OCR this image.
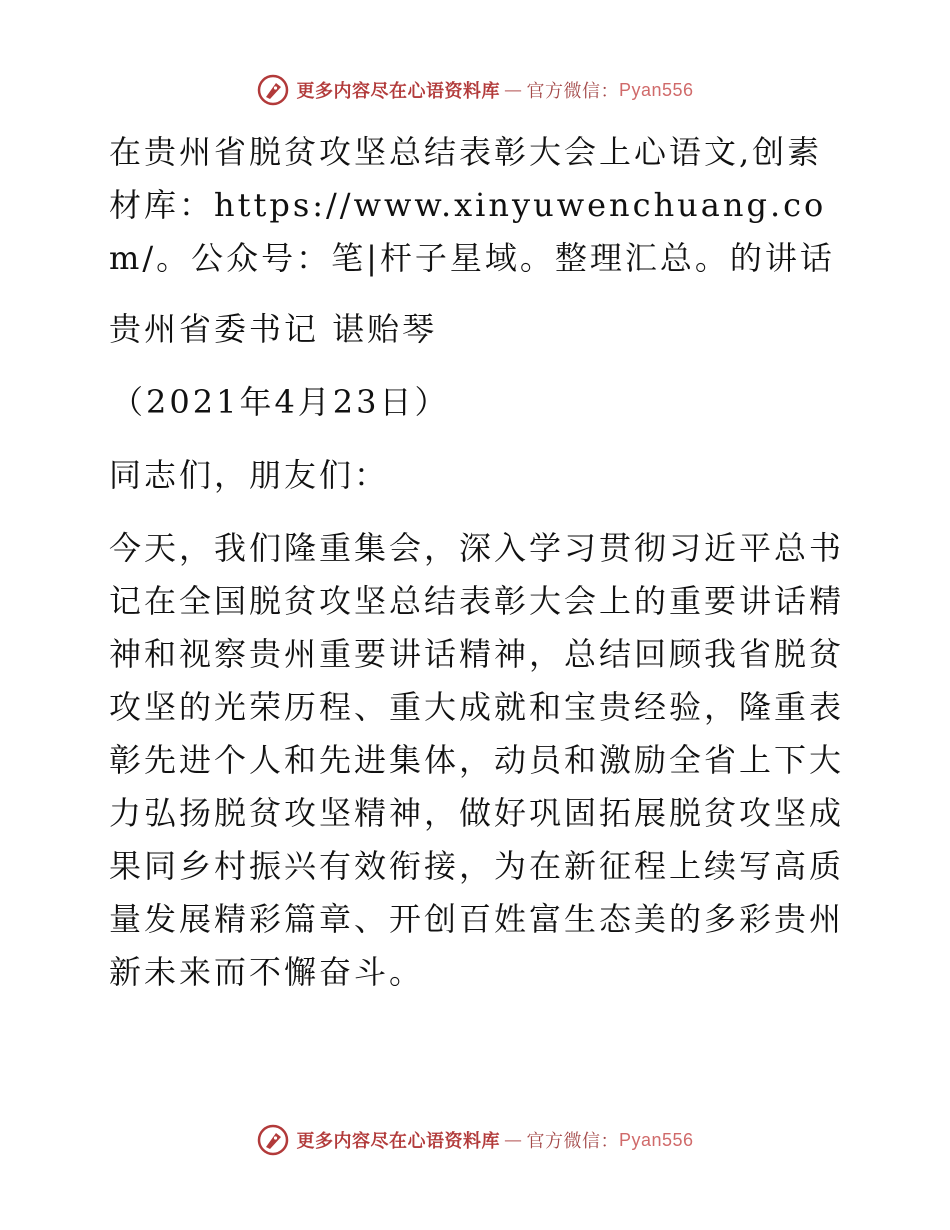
更多内容尽在心语资料库 — 官方微信： Pyan556

在贵州省脱贫攻坚总结表彰大会上心语文,创素材库：https://www.xinyuwenchuang.com/。公众号：笔|杆子星域。整理汇总。的讲话

贵州省委书记 谌贻琴

（2021年4月23日）

同志们，朋友们：

今天，我们隆重集会，深入学习贯彻习近平总书记在全国脱贫攻坚总结表彰大会上的重要讲话精神和视察贵州重要讲话精神，总结回顾我省脱贫攻坚的光荣历程、重大成就和宝贵经验，隆重表彰先进个人和先进集体，动员和激励全省上下大力弘扬脱贫攻坚精神，做好巩固拓展脱贫攻坚成果同乡村振兴有效衔接，为在新征程上续写高质量发展精彩篇章、开创百姓富生态美的多彩贵州新未来而不懈奋斗。

更多内容尽在心语资料库 — 官方微信： Pyan556
